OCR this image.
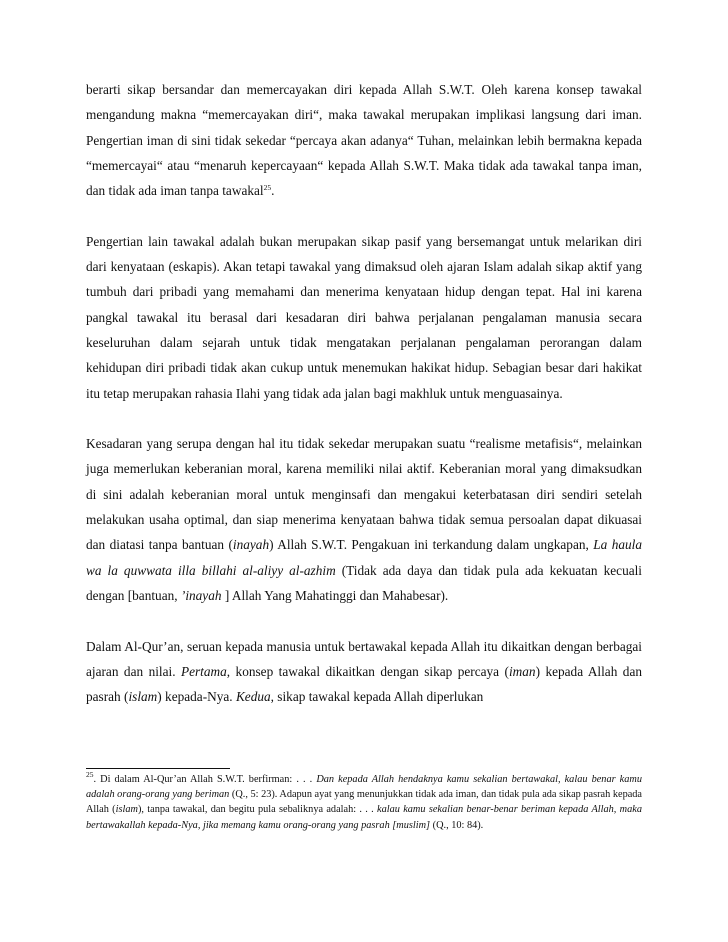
berarti sikap bersandar dan memercayakan diri kepada Allah S.W.T. Oleh karena konsep tawakal mengandung makna “memercayakan diri“, maka tawakal merupakan implikasi langsung dari iman. Pengertian iman di sini tidak sekedar “percaya akan adanya“ Tuhan, melainkan lebih bermakna kepada “memercayai“ atau “menaruh kepercayaan“ kepada Allah S.W.T. Maka tidak ada tawakal tanpa iman, dan tidak ada iman tanpa tawakal$^{25}$.

Pengertian lain tawakal adalah bukan merupakan sikap pasif yang bersemangat untuk melarikan diri dari kenyataan (eskapis). Akan tetapi tawakal yang dimaksud oleh ajaran Islam adalah sikap aktif yang tumbuh dari pribadi yang memahami dan menerima kenyataan hidup dengan tepat. Hal ini karena pangkal tawakal itu berasal dari kesadaran diri bahwa perjalanan pengalaman manusia secara keseluruhan dalam sejarah untuk tidak mengatakan perjalanan pengalaman perorangan dalam kehidupan diri pribadi tidak akan cukup untuk menemukan hakikat hidup. Sebagian besar dari hakikat itu tetap merupakan rahasia Ilahi yang tidak ada jalan bagi makhluk untuk menguasainya.

Kesadaran yang serupa dengan hal itu tidak sekedar merupakan suatu “realisme metafisis“, melainkan juga memerlukan keberanian moral, karena memiliki nilai aktif. Keberanian moral yang dimaksudkan di sini adalah keberanian moral untuk menginsafi dan mengakui keterbatasan diri sendiri setelah melakukan usaha optimal, dan siap menerima kenyataan bahwa tidak semua persoalan dapat dikuasai dan diatasi tanpa bantuan (inayah) Allah S.W.T. Pengakuan ini terkandung dalam ungkapan, La haula wa la quwwata illa billahi al-aliyy al-azhim (Tidak ada daya dan tidak pula ada kekuatan kecuali dengan [bantuan, ’inayah ] Allah Yang Mahatinggi dan Mahabesar).

Dalam Al-Qur’an, seruan kepada manusia untuk bertawakal kepada Allah itu dikaitkan dengan berbagai ajaran dan nilai. Pertama, konsep tawakal dikaitkan dengan sikap percaya (iman) kepada Allah dan pasrah (islam) kepada-Nya. Kedua, sikap tawakal kepada Allah diperlukan

$^{25}$. Di dalam Al-Qur’an Allah S.W.T. berfirman: . . . Dan kepada Allah hendaknya kamu sekalian bertawakal, kalau benar kamu adalah orang-orang yang beriman (Q., 5: 23). Adapun ayat yang menunjukkan tidak ada iman, dan tidak pula ada sikap pasrah kepada Allah (islam), tanpa tawakal, dan begitu pula sebaliknya adalah: . . . kalau kamu sekalian benar-benar beriman kepada Allah, maka bertawakallah kepada-Nya, jika memang kamu orang-orang yang pasrah [muslim] (Q., 10: 84).
